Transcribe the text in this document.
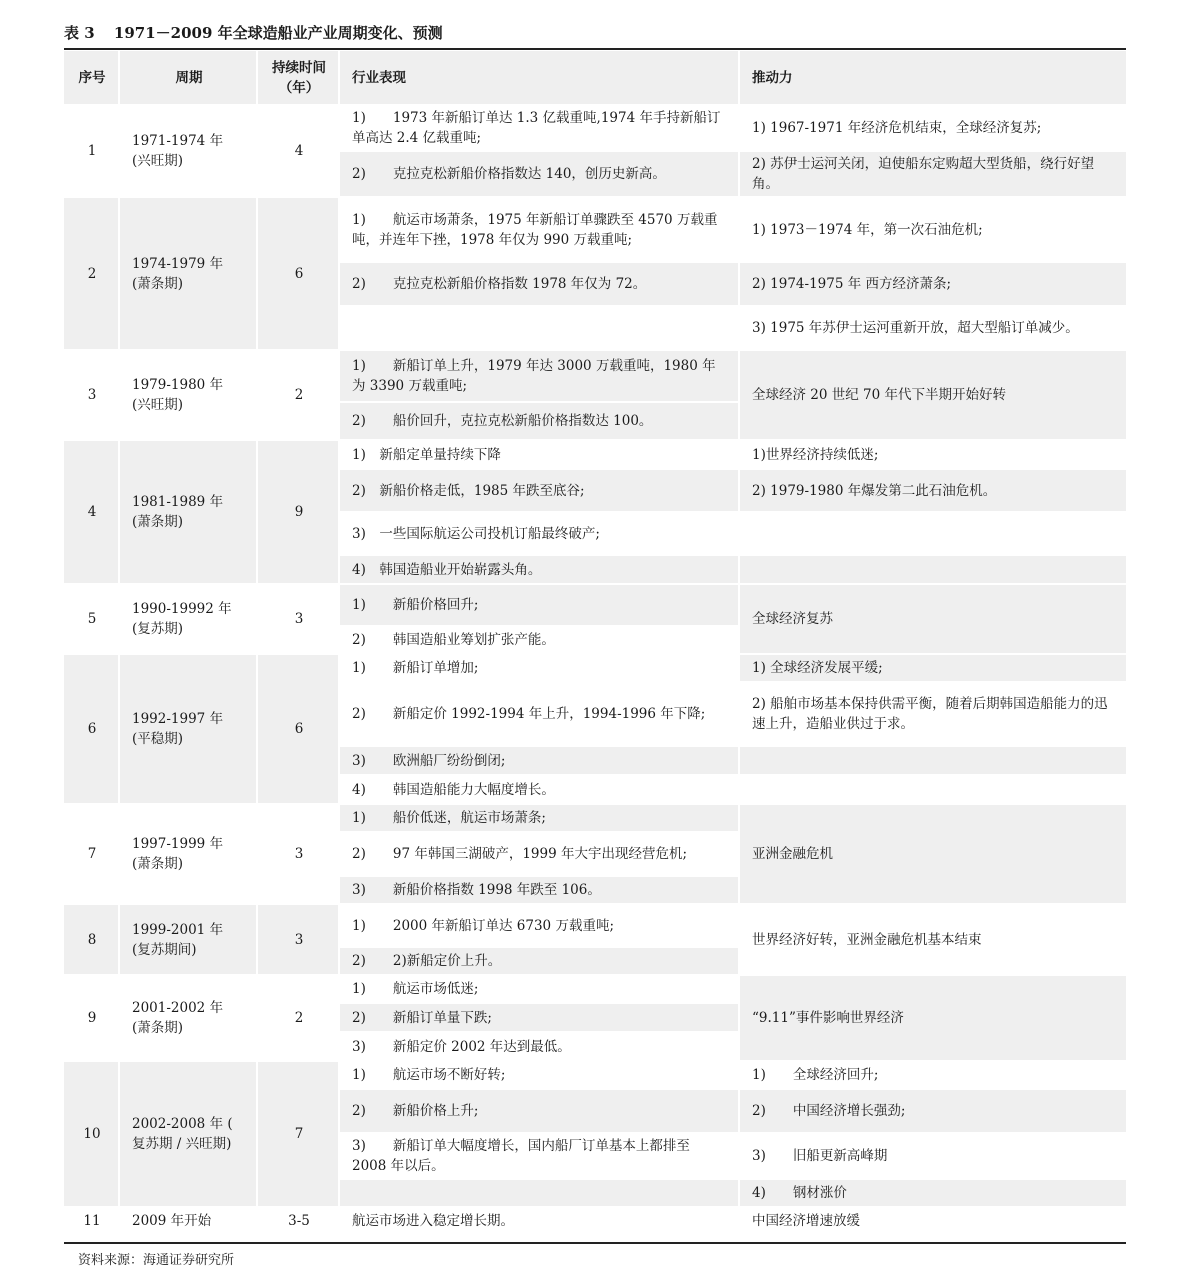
表 3 1971－2009 年全球造船业产业周期变化、预测
序号	周期	持续时间（年）	行业表现	推动力
1	1971-1974 年 (兴旺期)	4	1)　　1973 年新船订单达 1.3 亿载重吨,1974 年手持新船订单高达 2.4 亿载重吨;	1) 1967-1971 年经济危机结束，全球经济复苏;
			2)　　克拉克松新船价格指数达 140，创历史新高。	2) 苏伊士运河关闭，迫使船东定购超大型货船，绕行好望角。
2	1974-1979 年 (萧条期)	6	1)　　航运市场萧条，1975 年新船订单骤跌至 4570 万载重吨，并连年下挫，1978 年仅为 990 万载重吨;	1) 1973－1974 年，第一次石油危机;
			2)　　克拉克松新船价格指数 1978 年仅为 72。	2) 1974-1975 年 西方经济萧条;
				3) 1975 年苏伊士运河重新开放，超大型船订单减少。
3	1979-1980 年 (兴旺期)	2	1)　　新船订单上升，1979 年达 3000 万载重吨，1980 年为 3390 万载重吨;	全球经济 20 世纪 70 年代下半期开始好转
			2)　　船价回升，克拉克松新船价格指数达 100。	
4	1981-1989 年 (萧条期)	9	1)　新船定单量持续下降	1)世界经济持续低迷;
			2)　新船价格走低，1985 年跌至底谷;	2) 1979-1980 年爆发第二此石油危机。
			3)　一些国际航运公司投机订船最终破产;	
			4)　韩国造船业开始崭露头角。	
5	1990-19992 年 (复苏期)	3	1)　　新船价格回升;	全球经济复苏
			2)　　韩国造船业筹划扩张产能。	
6	1992-1997 年 (平稳期)	6	1)　　新船订单增加;	1) 全球经济发展平缓;
			2)　　新船定价 1992-1994 年上升，1994-1996 年下降;	2) 船舶市场基本保持供需平衡，随着后期韩国造船能力的迅速上升，造船业供过于求。
			3)　　欧洲船厂纷纷倒闭;	
			4)　　韩国造船能力大幅度增长。	
7	1997-1999 年 (萧条期)	3	1)　　船价低迷，航运市场萧条;	亚洲金融危机
			2)　　97 年韩国三湖破产，1999 年大宇出现经营危机;	
			3)　　新船价格指数 1998 年跌至 106。	
8	1999-2001 年 (复苏期间)	3	1)　　2000 年新船订单达 6730 万载重吨;	世界经济好转，亚洲金融危机基本结束
			2)　　2)新船定价上升。	
9	2001-2002 年 (萧条期)	2	1)　　航运市场低迷;	“9.11”事件影响世界经济
			2)　　新船订单量下跌;	
			3)　　新船定价 2002 年达到最低。	
10	2002-2008 年 ( 复苏期 / 兴旺期)	7	1)　　航运市场不断好转;	1)　　全球经济回升;
			2)　　新船价格上升;	2)　　中国经济增长强劲;
			3)　　新船订单大幅度增长，国内船厂订单基本上都排至 2008 年以后。	3)　　旧船更新高峰期
				4)　　钢材涨价
11	2009 年开始	3-5	航运市场进入稳定增长期。	中国经济增速放缓
资料来源：海通证券研究所
